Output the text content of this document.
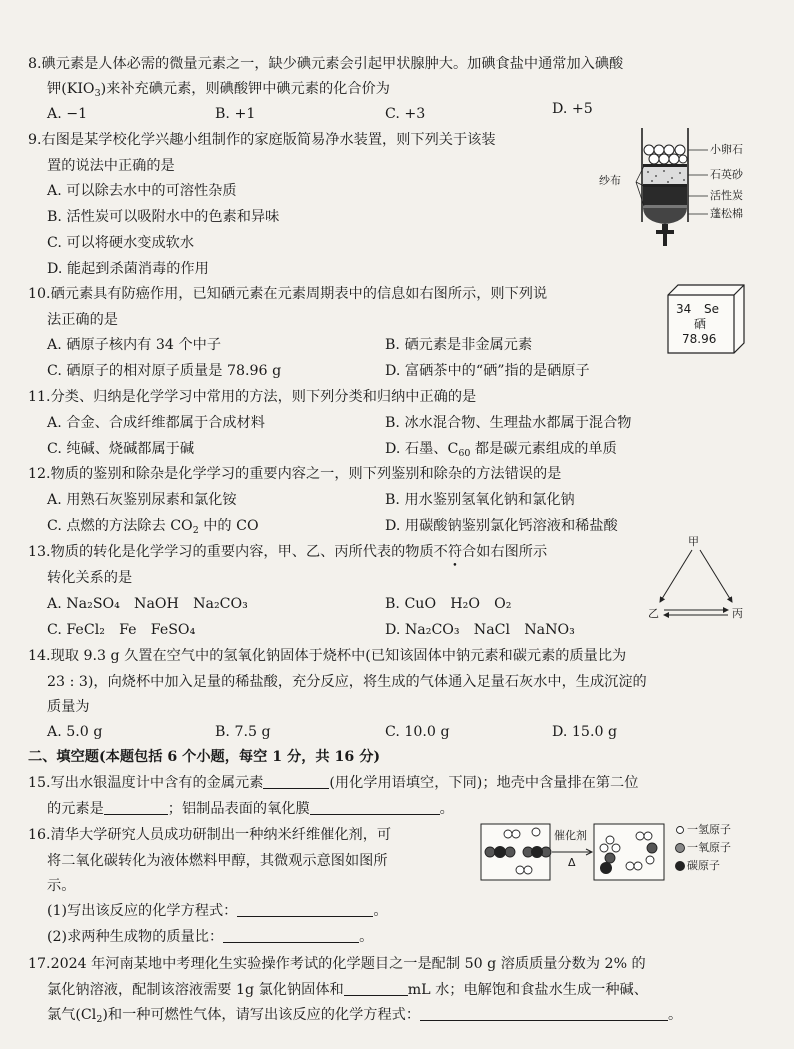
8.碘元素是人体必需的微量元素之一，缺少碘元素会引起甲状腺肿大。加碘食盐中通常加入碘酸
钾$(KIO_3)$来补充碘元素，则碘酸钾中碘元素的化合价为
A. −1	B. +1	C. +3	D. +5
9.右图是某学校化学兴趣小组制作的家庭版简易净水装置，则下列关于该装
置的说法中正确的是
A. 可以除去水中的可溶性杂质
B. 活性炭可以吸附水中的色素和异味
C. 可以将硬水变成软水
D. 能起到杀菌消毒的作用
纱布
小卵石
石英砂
活性炭
蓬松棉
10.硒元素具有防癌作用，已知硒元素在元素周期表中的信息如右图所示，则下列说
法正确的是
A. 硒原子核内有 34 个中子	B. 硒元素是非金属元素
C. 硒原子的相对原子质量是 78.96 g	D. 富硒茶中的“硒”指的是硒原子
34 Se
硒
78.96
11.分类、归纳是化学学习中常用的方法，则下列分类和归纳中正确的是
A. 合金、合成纤维都属于合成材料	B. 冰水混合物、生理盐水都属于混合物
C. 纯碱、烧碱都属于碱	D. 石墨、$C_{60}$ 都是碳元素组成的单质
12.物质的鉴别和除杂是化学学习的重要内容之一，则下列鉴别和除杂的方法错误的是
A. 用熟石灰鉴别尿素和氯化铵	B. 用水鉴别氢氧化钠和氯化钠
C. 点燃的方法除去 $CO_2$ 中的 CO	D. 用碳酸钠鉴别氯化钙溶液和稀盐酸
13.物质的转化是化学学习的重要内容，甲、乙、丙所代表的物质不符合如右图所示
转化关系的是
A. Na₂SO₄　NaOH　Na₂CO₃	B. CuO　H₂O　O₂
C. FeCl₂　Fe　FeSO₄	D. Na₂CO₃　NaCl　NaNO₃
甲
乙	丙
14.现取 9.3 g 久置在空气中的氢氧化钠固体于烧杯中(已知该固体中钠元素和碳元素的质量比为
23 : 3)，向烧杯中加入足量的稀盐酸，充分反应，将生成的气体通入足量石灰水中，生成沉淀的
质量为
A. 5.0 g	B. 7.5 g	C. 10.0 g	D. 15.0 g
二、填空题(本题包括 6 个小题，每空 1 分，共 16 分)
15.写出水银温度计中含有的金属元素	(用化学用语填空，下同)；地壳中含量排在第二位
的元素是	；铝制品表面的氧化膜	。
16.清华大学研究人员成功研制出一种纳米纤维催化剂，可
将二氧化碳转化为液体燃料甲醇，其微观示意图如图所
示。
(1)写出该反应的化学方程式：	。
(2)求两种生成物的质量比：	。
催化剂
Δ
一氢原子
一氧原子
碳原子
17.2024 年河南某地中考理化生实验操作考试的化学题目之一是配制 50 g 溶质质量分数为 2% 的
氯化钠溶液，配制该溶液需要 1g 氯化钠固体和	mL 水；电解饱和食盐水生成一种碱、
氯气$(Cl_2)$和一种可燃性气体，请写出该反应的化学方程式：	。
